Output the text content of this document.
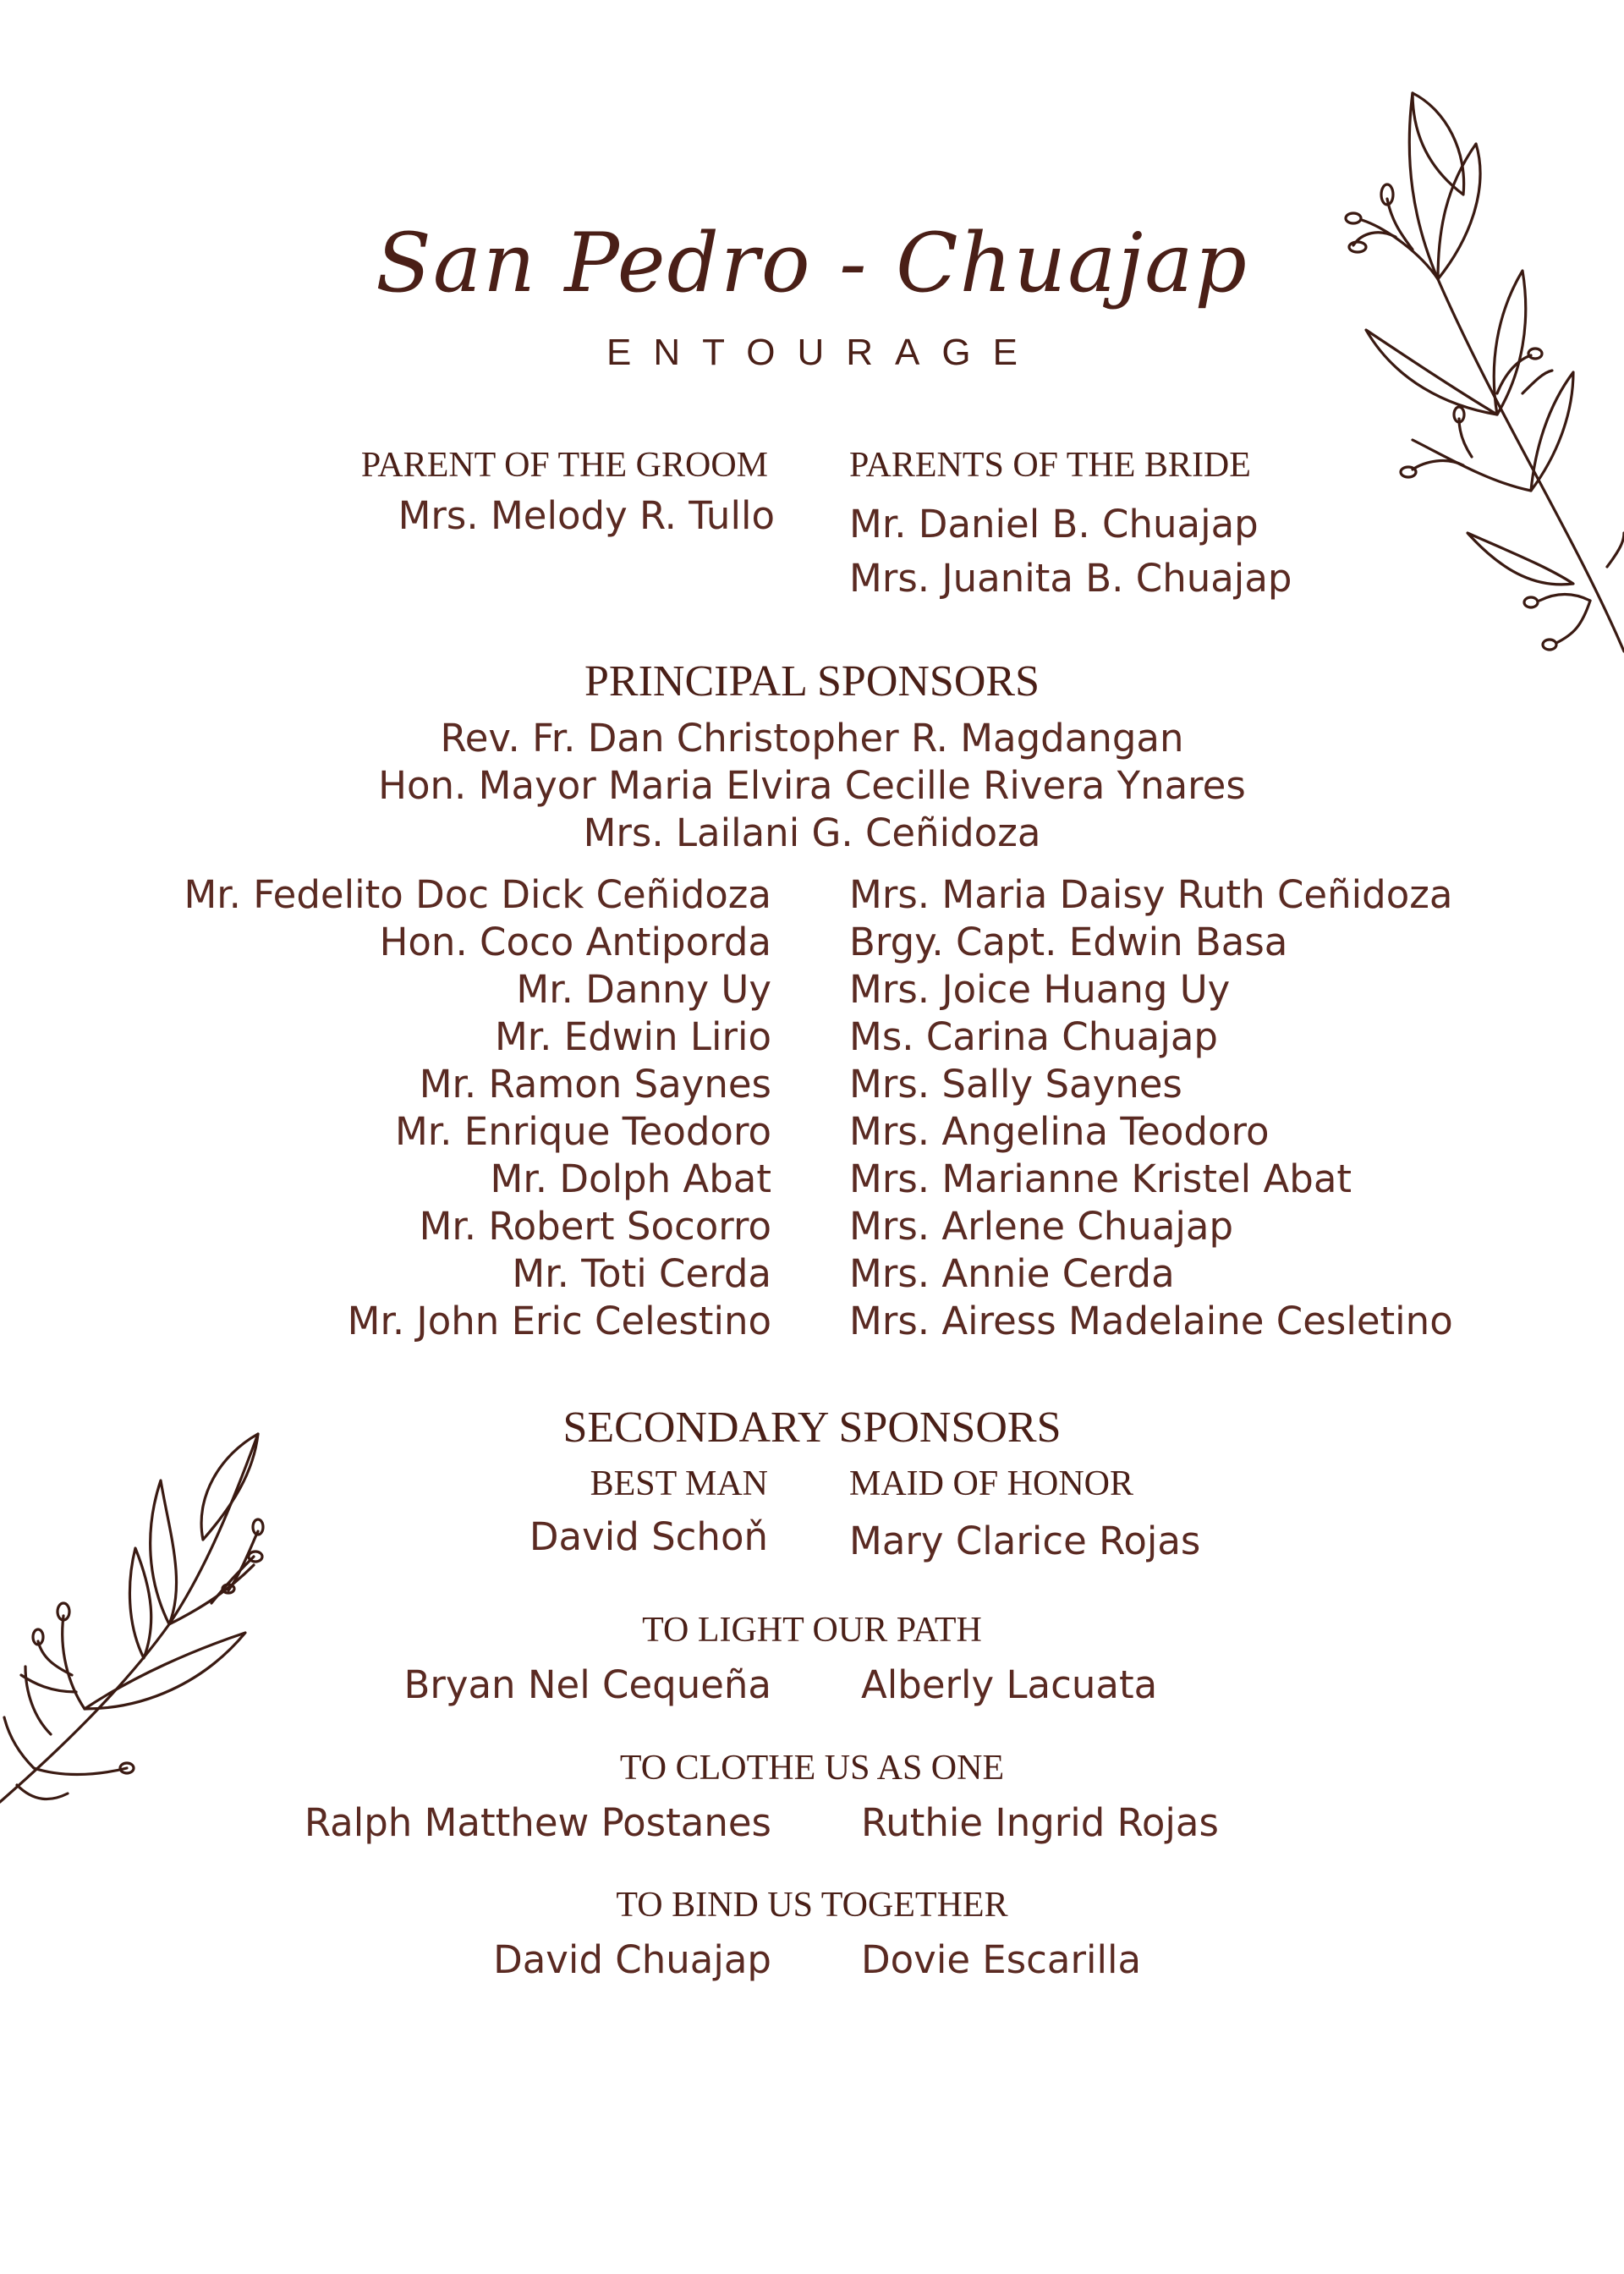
San Pedro - Chuajap
ENTOURAGE
PARENT OF THE GROOM
Mrs. Melody R. Tullo
PARENTS OF THE BRIDE
Mr. Daniel B. Chuajap
Mrs. Juanita B. Chuajap
PRINCIPAL SPONSORS
Rev. Fr. Dan Christopher R. Magdangan
Hon. Mayor Maria Elvira Cecille Rivera Ynares
Mrs. Lailani G. Ceñidoza
Mr. Fedelito Doc Dick Ceñidoza
Hon. Coco Antiporda
Mr. Danny Uy
Mr. Edwin Lirio
Mr. Ramon Saynes
Mr. Enrique Teodoro
Mr. Dolph Abat
Mr. Robert Socorro
Mr. Toti Cerda
Mr. John Eric Celestino
Mrs. Maria Daisy Ruth Ceñidoza
Brgy. Capt. Edwin Basa
Mrs. Joice Huang Uy
Ms. Carina Chuajap
Mrs. Sally Saynes
Mrs. Angelina Teodoro
Mrs. Marianne Kristel Abat
Mrs. Arlene Chuajap
Mrs. Annie Cerda
Mrs. Airess Madelaine Cesletino
SECONDARY SPONSORS
BEST MAN
David Schoň
MAID OF HONOR
Mary Clarice Rojas
TO LIGHT OUR PATH
Bryan Nel Cequeña Alberly Lacuata
TO CLOTHE US AS ONE
Ralph Matthew Postanes Ruthie Ingrid Rojas
TO BIND US TOGETHER
David Chuajap Dovie Escarilla
